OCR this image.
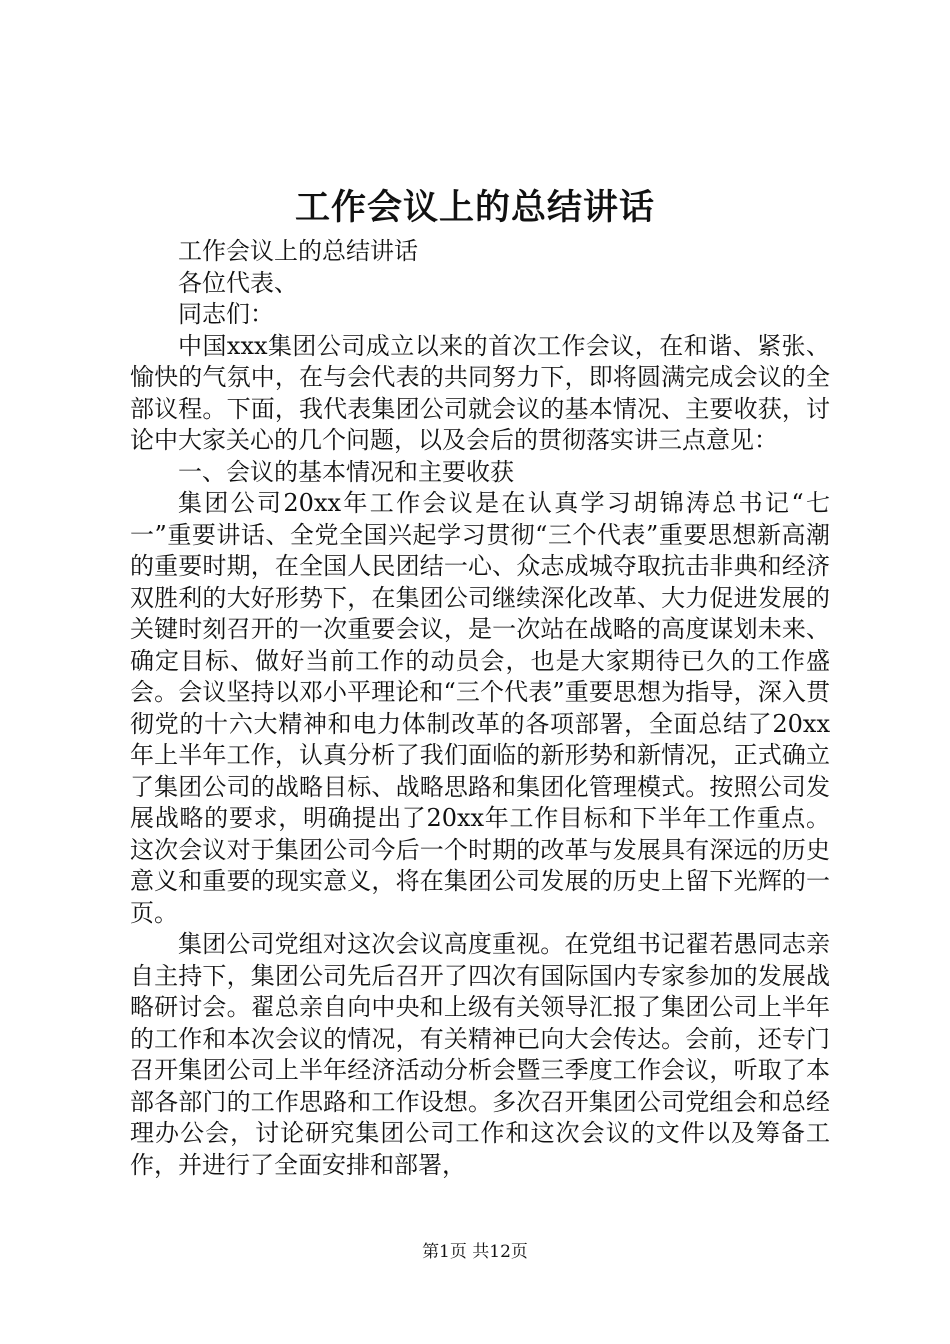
工作会议上的总结讲话

工作会议上的总结讲话

各位代表、

同志们：

中国xxx集团公司成立以来的首次工作会议，在和谐、紧张、愉快的气氛中，在与会代表的共同努力下，即将圆满完成会议的全部议程。下面，我代表集团公司就会议的基本情况、主要收获，讨论中大家关心的几个问题，以及会后的贯彻落实讲三点意见：

一、会议的基本情况和主要收获

集团公司20xx年工作会议是在认真学习胡锦涛总书记“七一”重要讲话、全党全国兴起学习贯彻“三个代表”重要思想新高潮的重要时期，在全国人民团结一心、众志成城夺取抗击非典和经济双胜利的大好形势下，在集团公司继续深化改革、大力促进发展的关键时刻召开的一次重要会议，是一次站在战略的高度谋划未来、确定目标、做好当前工作的动员会，也是大家期待已久的工作盛会。会议坚持以邓小平理论和“三个代表”重要思想为指导，深入贯彻党的十六大精神和电力体制改革的各项部署，全面总结了20xx年上半年工作，认真分析了我们面临的新形势和新情况，正式确立了集团公司的战略目标、战略思路和集团化管理模式。按照公司发展战略的要求，明确提出了20xx年工作目标和下半年工作重点。这次会议对于集团公司今后一个时期的改革与发展具有深远的历史意义和重要的现实意义，将在集团公司发展的历史上留下光辉的一页。

集团公司党组对这次会议高度重视。在党组书记翟若愚同志亲自主持下，集团公司先后召开了四次有国际国内专家参加的发展战略研讨会。翟总亲自向中央和上级有关领导汇报了集团公司上半年的工作和本次会议的情况，有关精神已向大会传达。会前，还专门召开集团公司上半年经济活动分析会暨三季度工作会议，听取了本部各部门的工作思路和工作设想。多次召开集团公司党组会和总经理办公会，讨论研究集团公司工作和这次会议的文件以及筹备工作，并进行了全面安排和部署，

第1页 共12页
